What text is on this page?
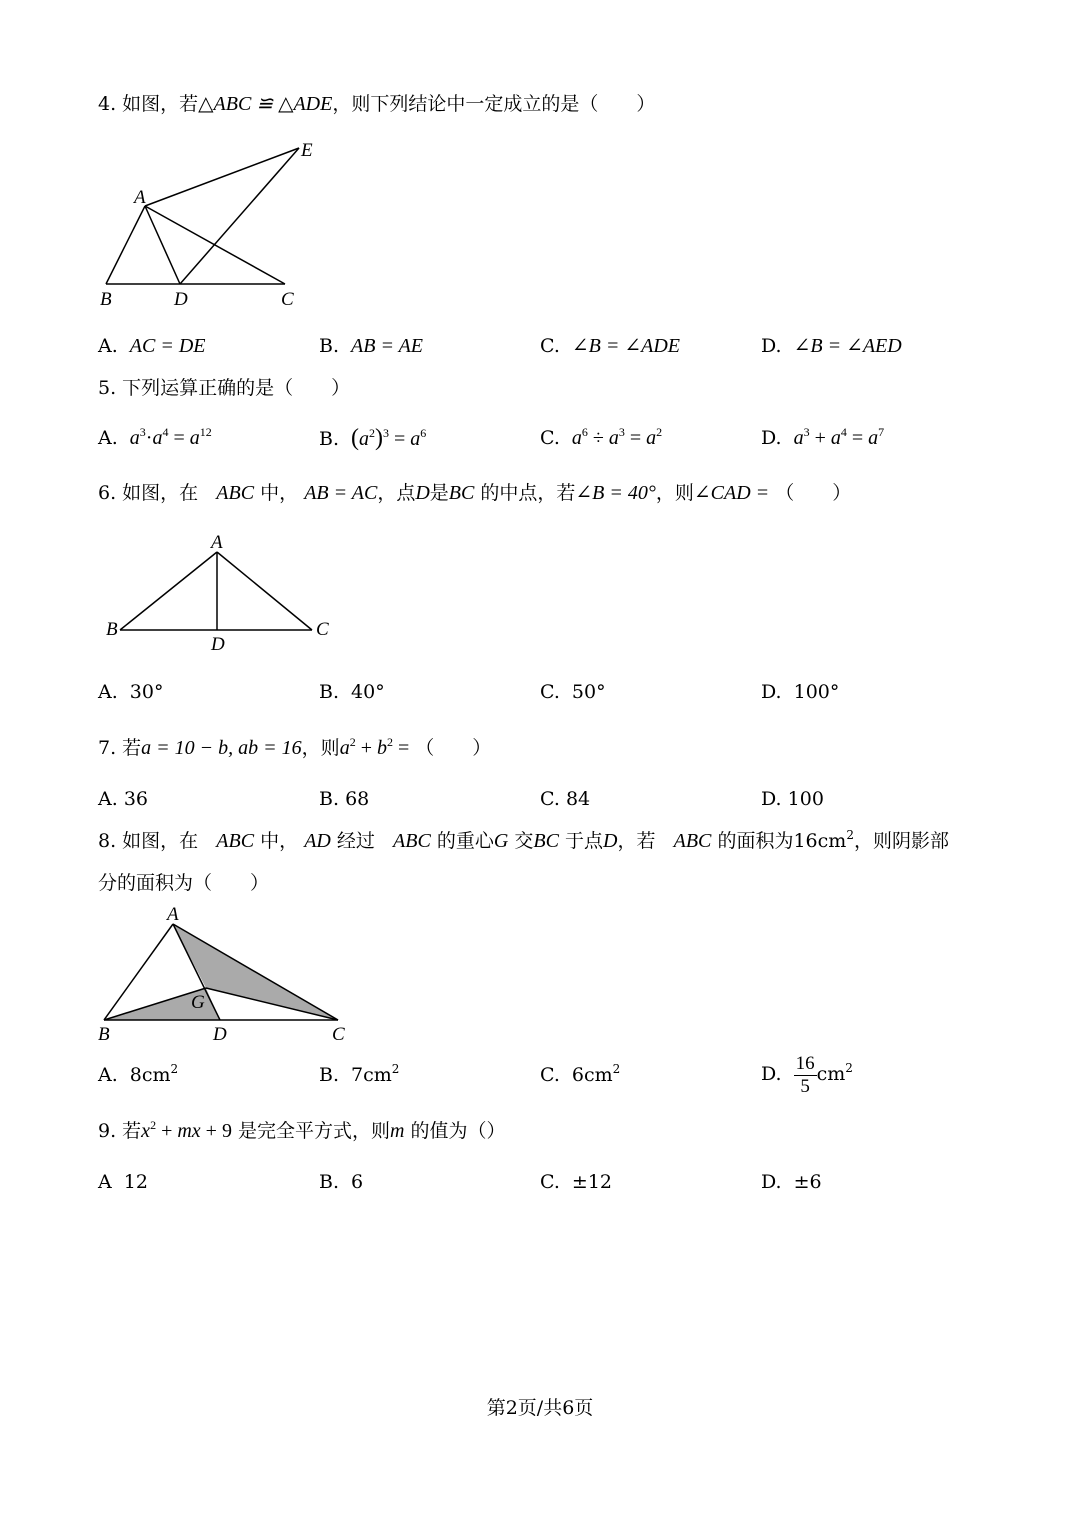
4. 如图，若△ABC ≌ △ADE，则下列结论中一定成立的是（　　）
A
B	D	C
E
A. AC = DE	B. AB = AE	C. ∠B = ∠ADE	D. ∠B = ∠AED
5. 下列运算正确的是（　　）
A. $a^3\cdot a^4 = a^{12}$	B. $(a^2)^3 = a^6$	C. $a^6 \div a^3 = a^2$	D. $a^3 + a^4 = a^7$
6. 如图，在 ABC 中， AB = AC，点D是BC 的中点，若∠B = 40°，则∠CAD = （　　）
A
B
D
C
A. 30°	B. 40°	C. 50°	D. 100°
7. 若a = 10 − b, ab = 16，则$a^2 + b^2$ = （　　）
A. 36	B. 68	C. 84	D. 100
8. 如图，在 ABC 中， AD 经过 ABC 的重心G 交BC 于点D，若 ABC 的面积为$16cm^2$，则阴影部
分的面积为（　　）
A
B	D	C
G
A. $8cm^2$	B. $7cm^2$	C. $6cm^2$	D. $\frac{16}{5} cm^2$
9. 若$x^2$ + mx + 9 是完全平方式，则m 的值为（）
A 12	B. 6	C. ±12	D. ±6
第2页/共6页
